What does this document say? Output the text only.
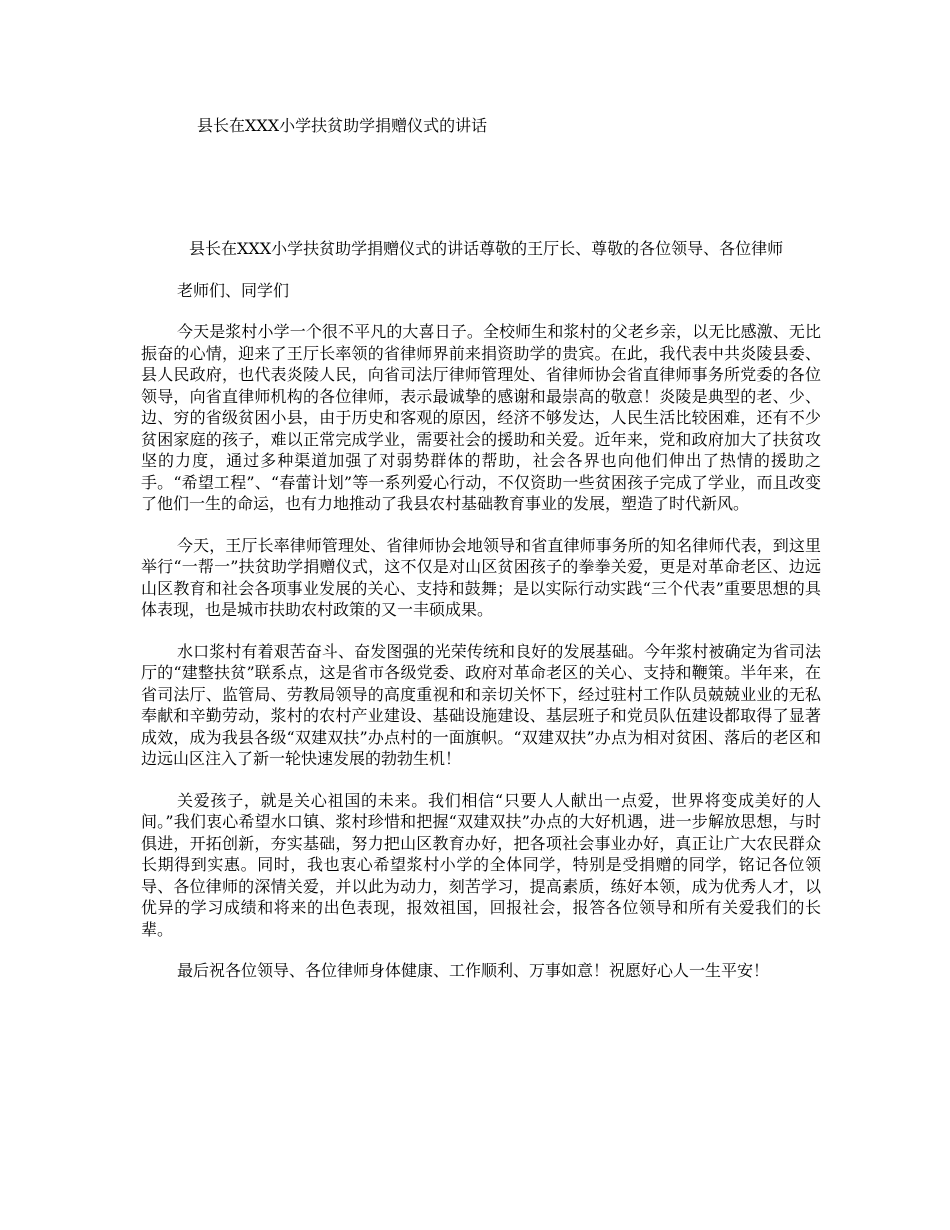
县长在XXX小学扶贫助学捐赠仪式的讲话

县长在XXX小学扶贫助学捐赠仪式的讲话尊敬的王厅长、尊敬的各位领导、各位律师

老师们、同学们

今天是浆村小学一个很不平凡的大喜日子。全校师生和浆村的父老乡亲，以无比感激、无比振奋的心情，迎来了王厅长率领的省律师界前来捐资助学的贵宾。在此，我代表中共炎陵县委、县人民政府，也代表炎陵人民，向省司法厅律师管理处、省律师协会省直律师事务所党委的各位领导，向省直律师机构的各位律师，表示最诚挚的感谢和最崇高的敬意！炎陵是典型的老、少、边、穷的省级贫困小县，由于历史和客观的原因，经济不够发达，人民生活比较困难，还有不少贫困家庭的孩子，难以正常完成学业，需要社会的援助和关爱。近年来，党和政府加大了扶贫攻坚的力度，通过多种渠道加强了对弱势群体的帮助，社会各界也向他们伸出了热情的援助之手。“希望工程”、“春蕾计划”等一系列爱心行动，不仅资助一些贫困孩子完成了学业，而且改变了他们一生的命运，也有力地推动了我县农村基础教育事业的发展，塑造了时代新风。

今天，王厅长率律师管理处、省律师协会地领导和省直律师事务所的知名律师代表，到这里举行“一帮一”扶贫助学捐赠仪式，这不仅是对山区贫困孩子的拳拳关爱，更是对革命老区、边远山区教育和社会各项事业发展的关心、支持和鼓舞；是以实际行动实践“三个代表”重要思想的具体表现，也是城市扶助农村政策的又一丰硕成果。

水口浆村有着艰苦奋斗、奋发图强的光荣传统和良好的发展基础。今年浆村被确定为省司法厅的“建整扶贫”联系点，这是省市各级党委、政府对革命老区的关心、支持和鞭策。半年来，在省司法厅、监管局、劳教局领导的高度重视和和亲切关怀下，经过驻村工作队员兢兢业业的无私奉献和辛勤劳动，浆村的农村产业建设、基础设施建设、基层班子和党员队伍建设都取得了显著成效，成为我县各级“双建双扶”办点村的一面旗帜。“双建双扶”办点为相对贫困、落后的老区和边远山区注入了新一轮快速发展的勃勃生机！

关爱孩子，就是关心祖国的未来。我们相信“只要人人献出一点爱，世界将变成美好的人间。”我们衷心希望水口镇、浆村珍惜和把握“双建双扶”办点的大好机遇，进一步解放思想，与时俱进，开拓创新，夯实基础，努力把山区教育办好，把各项社会事业办好，真正让广大农民群众长期得到实惠。同时，我也衷心希望浆村小学的全体同学，特别是受捐赠的同学，铭记各位领导、各位律师的深情关爱，并以此为动力，刻苦学习，提高素质，练好本领，成为优秀人才，以优异的学习成绩和将来的出色表现，报效祖国，回报社会，报答各位领导和所有关爱我们的长辈。

最后祝各位领导、各位律师身体健康、工作顺利、万事如意！祝愿好心人一生平安！
